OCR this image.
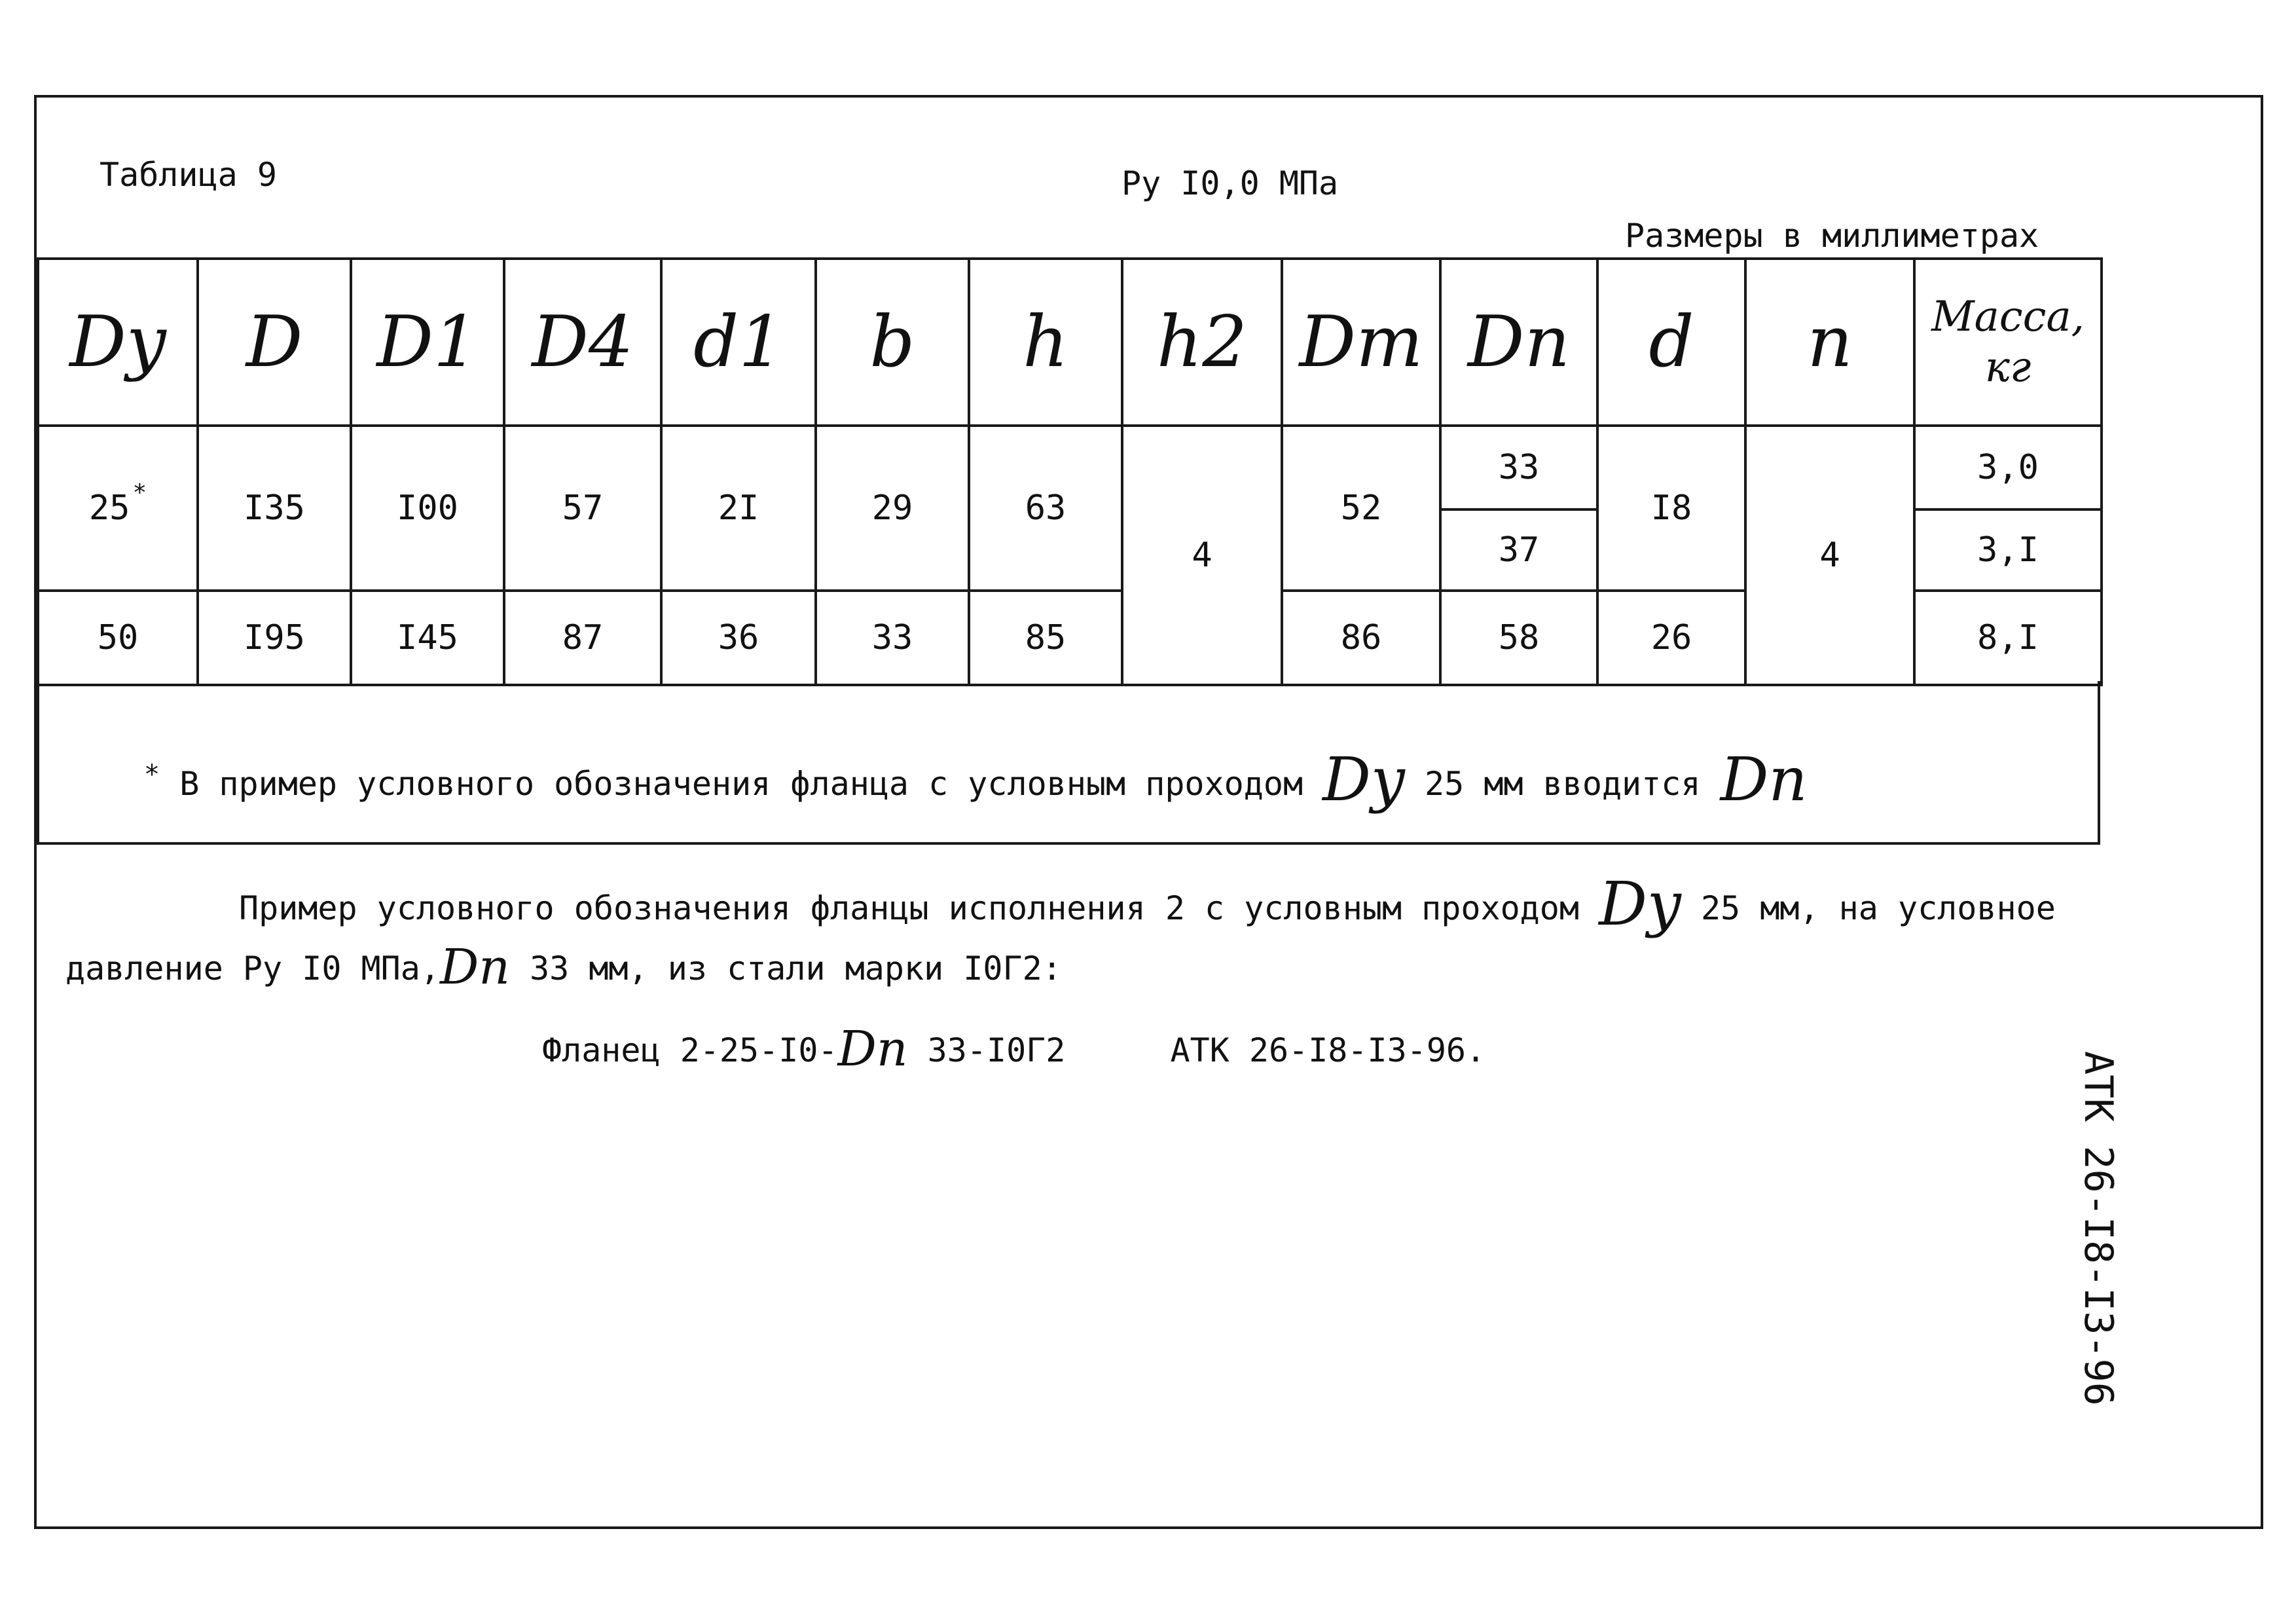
Таблица 9	Ру I0,0 МПа
Размеры в миллиметрах
Dy	D	D1	D4	d1	b	h	h2	Dm	Dn	d	n	Масса, кг
25 *	I35	I00	57	2I	29	63	4	52	33	I8	4	3,0
									37			3,I
50	I95	I45	87	36	33	85		86	58	26		8,I
* В пример условного обозначения фланца с условным проходом Dy 25 мм вводится Dn
Пример условного обозначения фланцы исполнения 2 с условным проходом Dy 25 мм, на условное
давление Ру I0 МПа,Dn 33 мм, из стали марки I0Г2:
Фланец 2-25-I0-Dn 33-I0Г2	АТК 26-I8-I3-96.
АТК 26-I8-I3-96
